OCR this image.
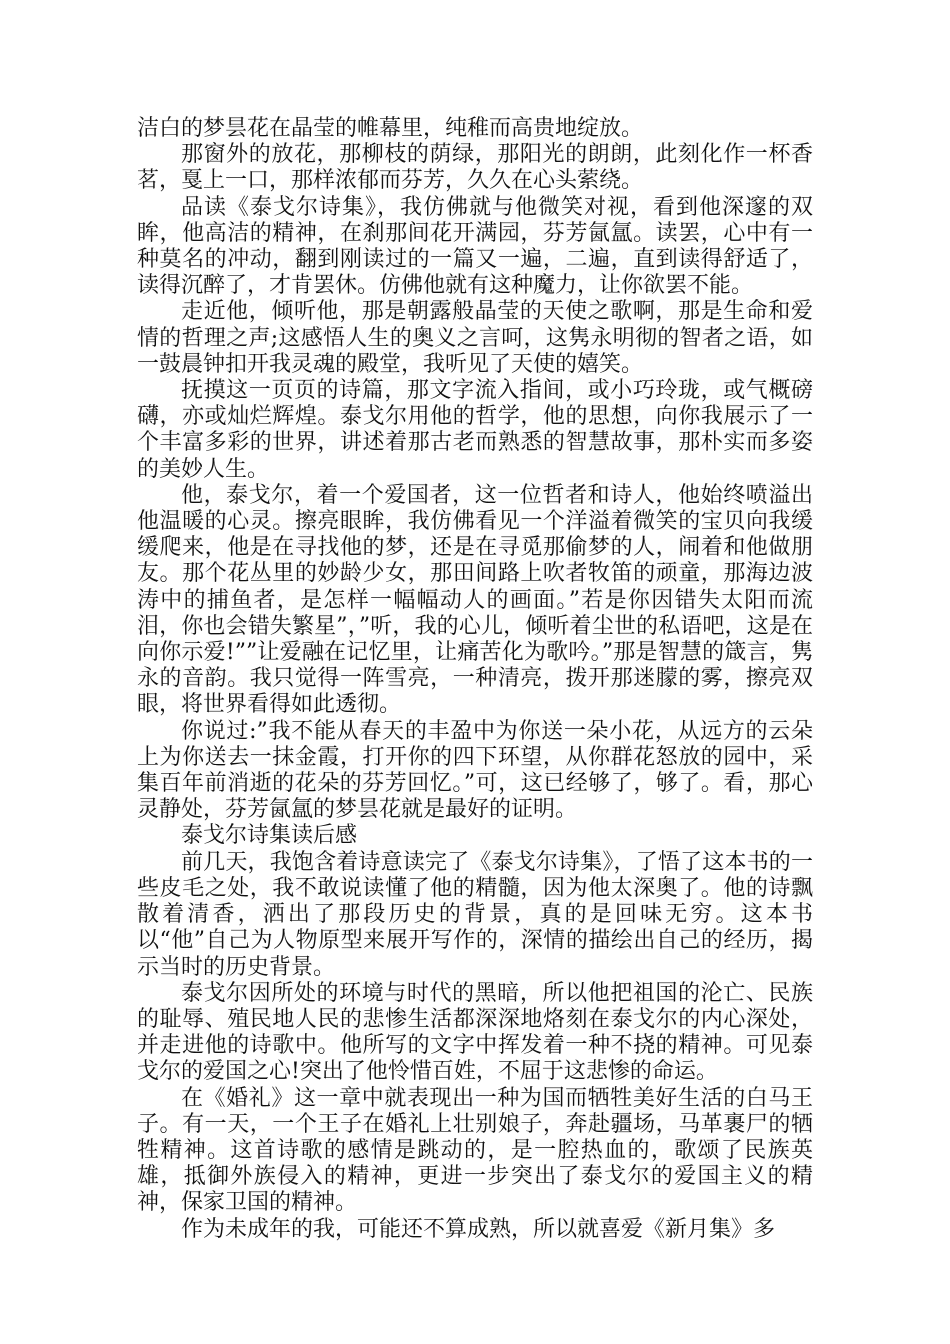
洁白的梦昙花在晶莹的帷幕里，纯稚而高贵地绽放。

那窗外的放花，那柳枝的荫绿，那阳光的朗朗，此刻化作一杯香茗，戛上一口，那样浓郁而芬芳，久久在心头萦绕。

品读《泰戈尔诗集》，我仿佛就与他微笑对视，看到他深邃的双眸，他高洁的精神，在刹那间花开满园，芬芳氤氲。读罢，心中有一种莫名的冲动，翻到刚读过的一篇又一遍，二遍，直到读得舒适了，读得沉醉了，才肯罢休。仿佛他就有这种魔力，让你欲罢不能。

走近他，倾听他，那是朝露般晶莹的天使之歌啊，那是生命和爱情的哲理之声;这感悟人生的奥义之言呵，这隽永明彻的智者之语，如一鼓晨钟扣开我灵魂的殿堂，我听见了天使的嬉笑。

抚摸这一页页的诗篇，那文字流入指间，或小巧玲珑，或气概磅礴，亦或灿烂辉煌。泰戈尔用他的哲学，他的思想，向你我展示了一个丰富多彩的世界，讲述着那古老而熟悉的智慧故事，那朴实而多姿的美妙人生。

他，泰戈尔，着一个爱国者，这一位哲者和诗人，他始终喷溢出他温暖的心灵。擦亮眼眸，我仿佛看见一个洋溢着微笑的宝贝向我缓缓爬来，他是在寻找他的梦，还是在寻觅那偷梦的人，闹着和他做朋友。那个花丛里的妙龄少女，那田间路上吹者牧笛的顽童，那海边波涛中的捕鱼者，是怎样一幅幅动人的画面。”若是你因错失太阳而流泪，你也会错失繁星”，”听，我的心儿，倾听着尘世的私语吧，这是在向你示爱!””让爱融在记忆里，让痛苦化为歌吟。”那是智慧的箴言，隽永的音韵。我只觉得一阵雪亮，一种清亮，拨开那迷朦的雾，擦亮双眼，将世界看得如此透彻。

你说过:”我不能从春天的丰盈中为你送一朵小花，从远方的云朵上为你送去一抹金霞，打开你的四下环望，从你群花怒放的园中，采集百年前消逝的花朵的芬芳回忆。”可，这已经够了，够了。看，那心灵静处，芬芳氤氲的梦昙花就是最好的证明。

泰戈尔诗集读后感

前几天，我饱含着诗意读完了《泰戈尔诗集》，了悟了这本书的一些皮毛之处，我不敢说读懂了他的精髓，因为他太深奥了。他的诗飘散着清香，洒出了那段历史的背景，真的是回味无穷。这本书以“他”自己为人物原型来展开写作的，深情的描绘出自己的经历，揭示当时的历史背景。

泰戈尔因所处的环境与时代的黑暗，所以他把祖国的沦亡、民族的耻辱、殖民地人民的悲惨生活都深深地烙刻在泰戈尔的内心深处，并走进他的诗歌中。他所写的文字中挥发着一种不挠的精神。可见泰戈尔的爱国之心!突出了他怜惜百姓，不屈于这悲惨的命运。

在《婚礼》这一章中就表现出一种为国而牺牲美好生活的白马王子。有一天，一个王子在婚礼上壮别娘子，奔赴疆场，马革裹尸的牺牲精神。这首诗歌的感情是跳动的，是一腔热血的，歌颂了民族英雄，抵御外族侵入的精神，更进一步突出了泰戈尔的爱国主义的精神，保家卫国的精神。

作为未成年的我，可能还不算成熟，所以就喜爱《新月集》多
